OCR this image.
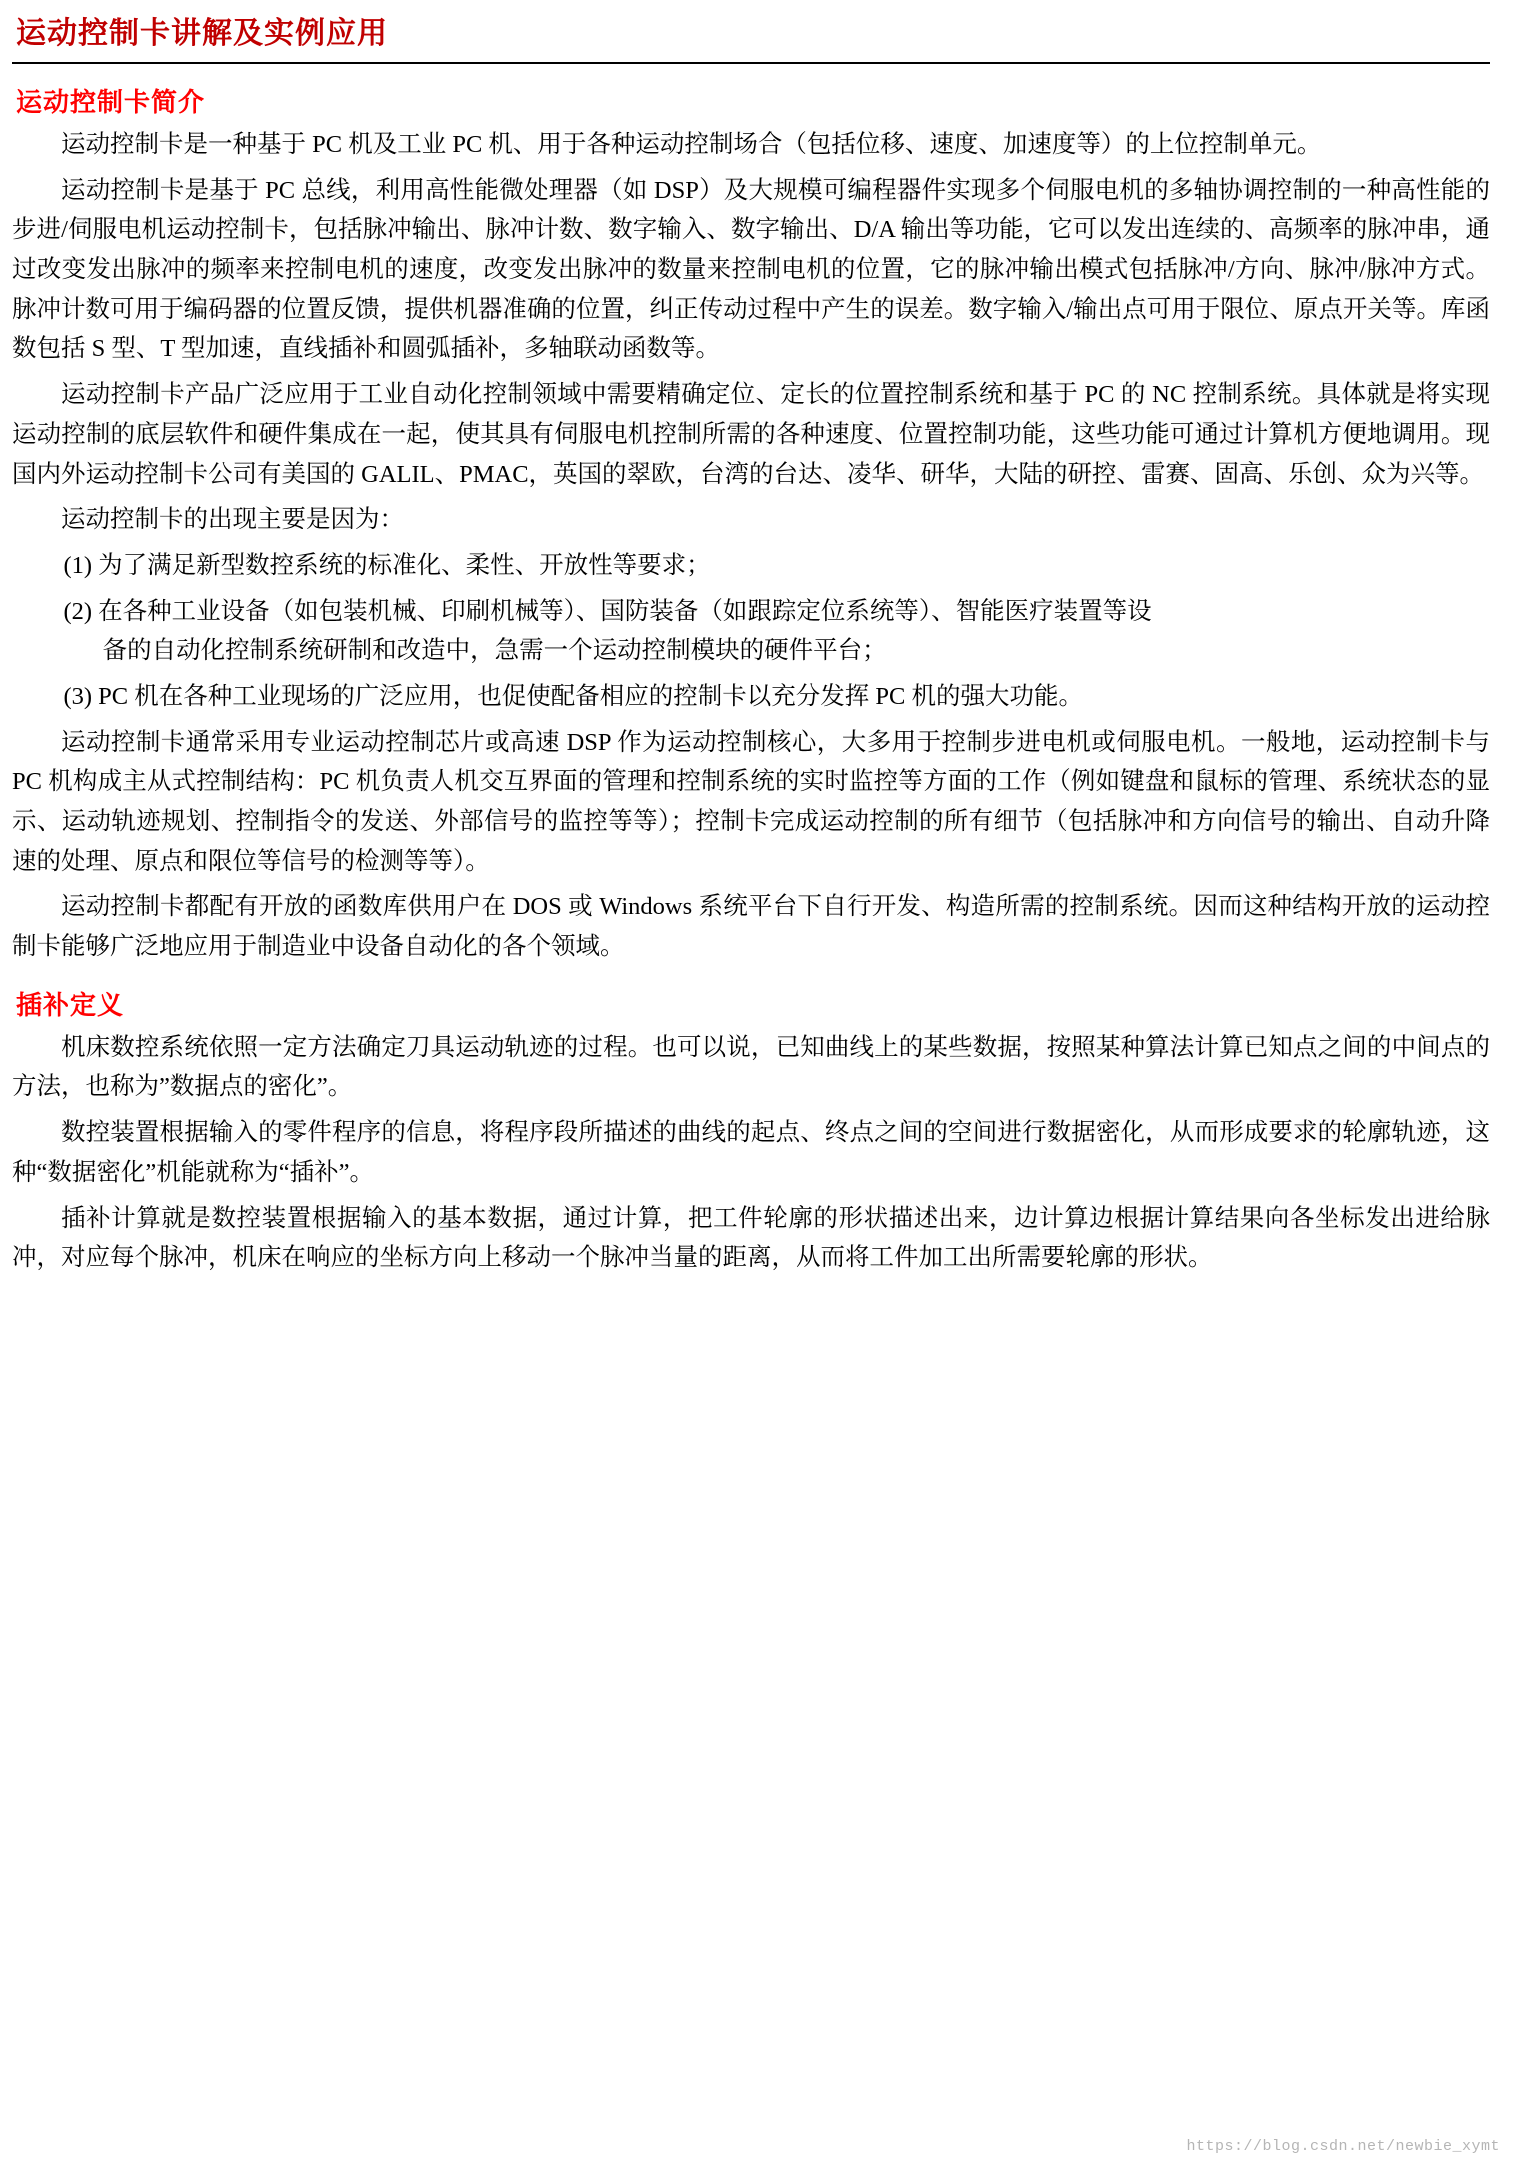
运动控制卡讲解及实例应用
运动控制卡简介

运动控制卡是一种基于 PC 机及工业 PC 机、用于各种运动控制场合（包括位移、速度、加速度等）的上位控制单元。

运动控制卡是基于 PC 总线，利用高性能微处理器（如 DSP）及大规模可编程器件实现多个伺服电机的多轴协调控制的一种高性能的步进/伺服电机运动控制卡，包括脉冲输出、脉冲计数、数字输入、数字输出、D/A 输出等功能，它可以发出连续的、高频率的脉冲串，通过改变发出脉冲的频率来控制电机的速度，改变发出脉冲的数量来控制电机的位置，它的脉冲输出模式包括脉冲/方向、脉冲/脉冲方式。脉冲计数可用于编码器的位置反馈，提供机器准确的位置，纠正传动过程中产生的误差。数字输入/输出点可用于限位、原点开关等。库函数包括 S 型、T 型加速，直线插补和圆弧插补，多轴联动函数等。

运动控制卡产品广泛应用于工业自动化控制领域中需要精确定位、定长的位置控制系统和基于 PC 的 NC 控制系统。具体就是将实现运动控制的底层软件和硬件集成在一起，使其具有伺服电机控制所需的各种速度、位置控制功能，这些功能可通过计算机方便地调用。现国内外运动控制卡公司有美国的 GALIL、PMAC，英国的翠欧，台湾的台达、凌华、研华，大陆的研控、雷赛、固高、乐创、众为兴等。

运动控制卡的出现主要是因为：

(1) 为了满足新型数控系统的标准化、柔性、开放性等要求；

(2) 在各种工业设备（如包装机械、印刷机械等）、国防装备（如跟踪定位系统等）、智能医疗装置等设
备的自动化控制系统研制和改造中，急需一个运动控制模块的硬件平台；

(3) PC 机在各种工业现场的广泛应用，也促使配备相应的控制卡以充分发挥 PC 机的强大功能。

运动控制卡通常采用专业运动控制芯片或高速 DSP 作为运动控制核心，大多用于控制步进电机或伺服电机。一般地，运动控制卡与 PC 机构成主从式控制结构：PC 机负责人机交互界面的管理和控制系统的实时监控等方面的工作（例如键盘和鼠标的管理、系统状态的显示、运动轨迹规划、控制指令的发送、外部信号的监控等等）；控制卡完成运动控制的所有细节（包括脉冲和方向信号的输出、自动升降速的处理、原点和限位等信号的检测等等）。

运动控制卡都配有开放的函数库供用户在 DOS 或 Windows 系统平台下自行开发、构造所需的控制系统。因而这种结构开放的运动控制卡能够广泛地应用于制造业中设备自动化的各个领域。

插补定义

机床数控系统依照一定方法确定刀具运动轨迹的过程。也可以说，已知曲线上的某些数据，按照某种算法计算已知点之间的中间点的方法，也称为”数据点的密化”。

数控装置根据输入的零件程序的信息，将程序段所描述的曲线的起点、终点之间的空间进行数据密化，从而形成要求的轮廓轨迹，这种“数据密化”机能就称为“插补”。

插补计算就是数控装置根据输入的基本数据，通过计算，把工件轮廓的形状描述出来，边计算边根据计算结果向各坐标发出进给脉冲，对应每个脉冲，机床在响应的坐标方向上移动一个脉冲当量的距离，从而将工件加工出所需要轮廓的形状。

https://blog.csdn.net/newbie_xymt
